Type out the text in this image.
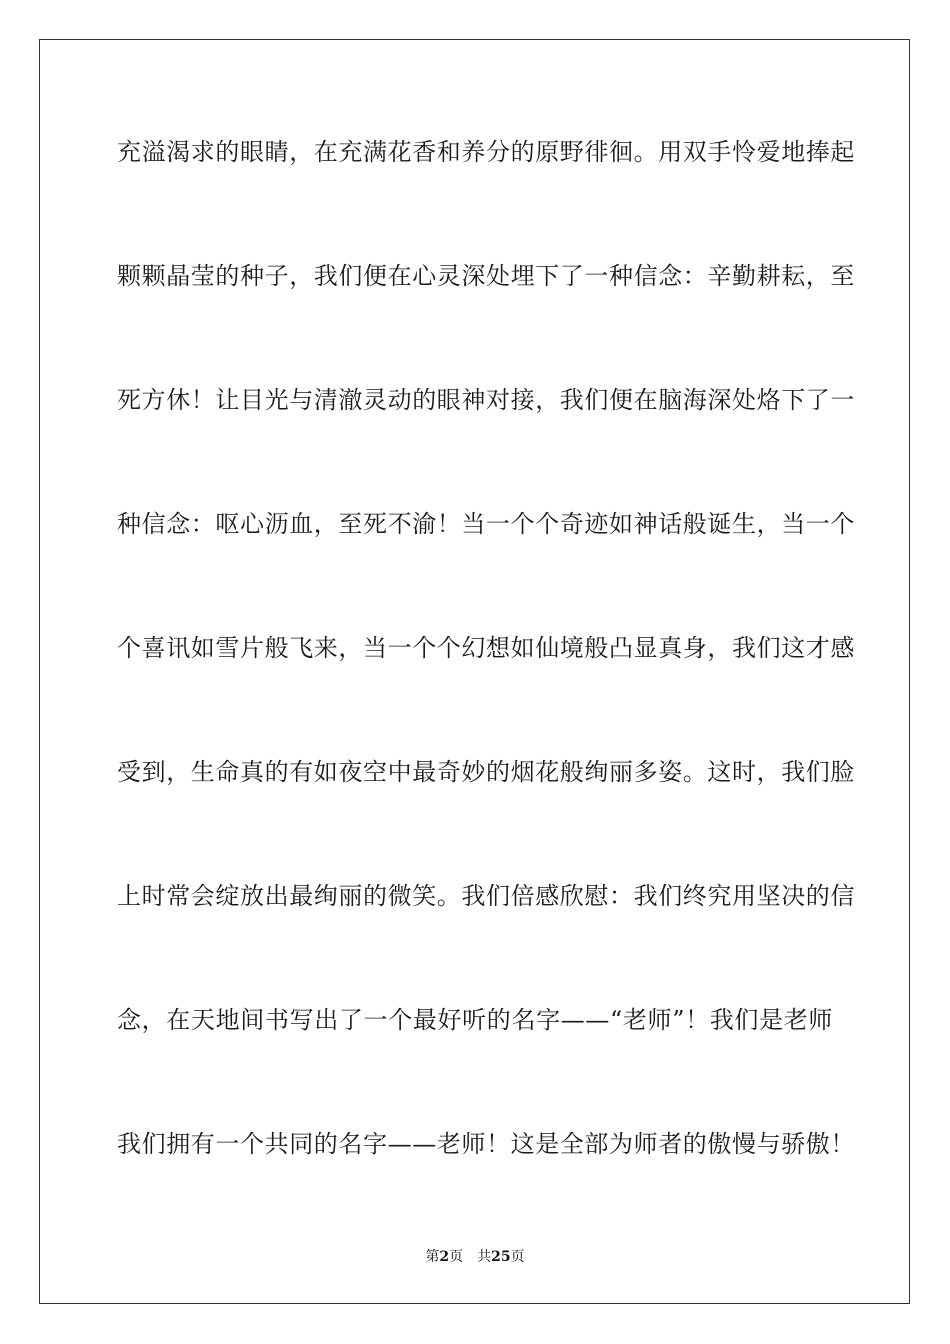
充溢渴求的眼睛，在充满花香和养分的原野徘徊。用双手怜爱地捧起
颗颗晶莹的种子，我们便在心灵深处埋下了一种信念：辛勤耕耘，至
死方休！让目光与清澈灵动的眼神对接，我们便在脑海深处烙下了一
种信念：呕心沥血，至死不渝！当一个个奇迹如神话般诞生，当一个
个喜讯如雪片般飞来，当一个个幻想如仙境般凸显真身，我们这才感
受到，生命真的有如夜空中最奇妙的烟花般绚丽多姿。这时，我们脸
上时常会绽放出最绚丽的微笑。我们倍感欣慰：我们终究用坚决的信
念，在天地间书写出了一个最好听的名字——“老师”！我们是老师
我们拥有一个共同的名字——老师！这是全部为师者的傲慢与骄傲！
第2页 共25页
